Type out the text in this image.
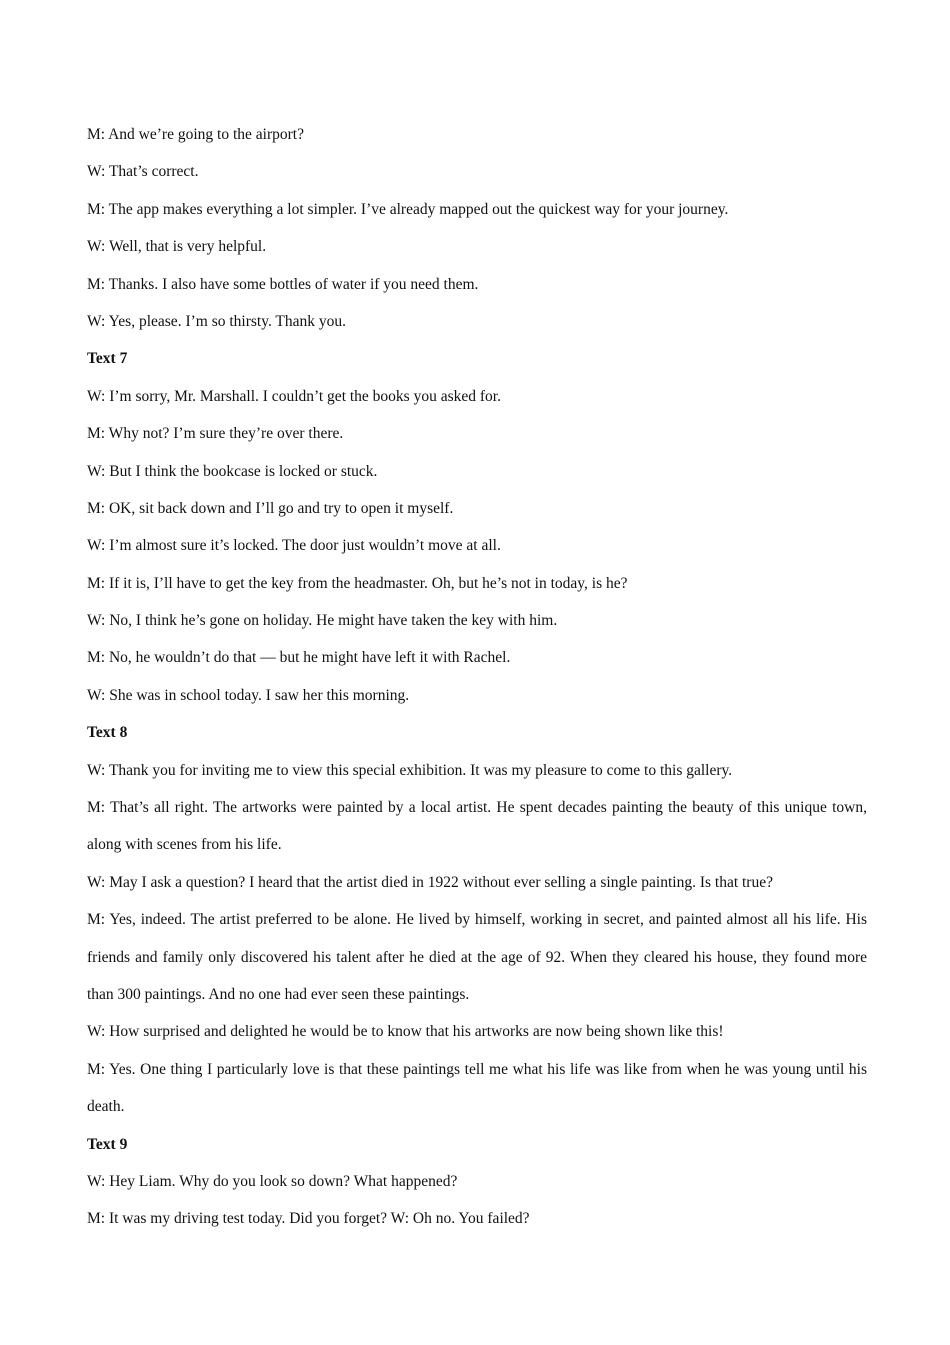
M: And we’re going to the airport?
W: That’s correct.
M: The app makes everything a lot simpler. I’ve already mapped out the quickest way for your journey.
W: Well, that is very helpful.
M: Thanks. I also have some bottles of water if you need them.
W: Yes, please. I’m so thirsty. Thank you.
Text 7
W: I’m sorry, Mr. Marshall. I couldn’t get the books you asked for.
M: Why not? I’m sure they’re over there.
W: But I think the bookcase is locked or stuck.
M: OK, sit back down and I’ll go and try to open it myself.
W: I’m almost sure it’s locked. The door just wouldn’t move at all.
M: If it is, I’ll have to get the key from the headmaster. Oh, but he’s not in today, is he?
W: No, I think he’s gone on holiday. He might have taken the key with him.
M: No, he wouldn’t do that — but he might have left it with Rachel.
W: She was in school today. I saw her this morning.
Text 8
W: Thank you for inviting me to view this special exhibition. It was my pleasure to come to this gallery.
M: That’s all right. The artworks were painted by a local artist. He spent decades painting the beauty of this unique town, along with scenes from his life.
W: May I ask a question? I heard that the artist died in 1922 without ever selling a single painting. Is that true?
M: Yes, indeed. The artist preferred to be alone. He lived by himself, working in secret, and painted almost all his life. His friends and family only discovered his talent after he died at the age of 92. When they cleared his house, they found more than 300 paintings. And no one had ever seen these paintings.
W: How surprised and delighted he would be to know that his artworks are now being shown like this!
M: Yes. One thing I particularly love is that these paintings tell me what his life was like from when he was young until his death.
Text 9
W: Hey Liam. Why do you look so down? What happened?
M: It was my driving test today. Did you forget? W: Oh no. You failed?
